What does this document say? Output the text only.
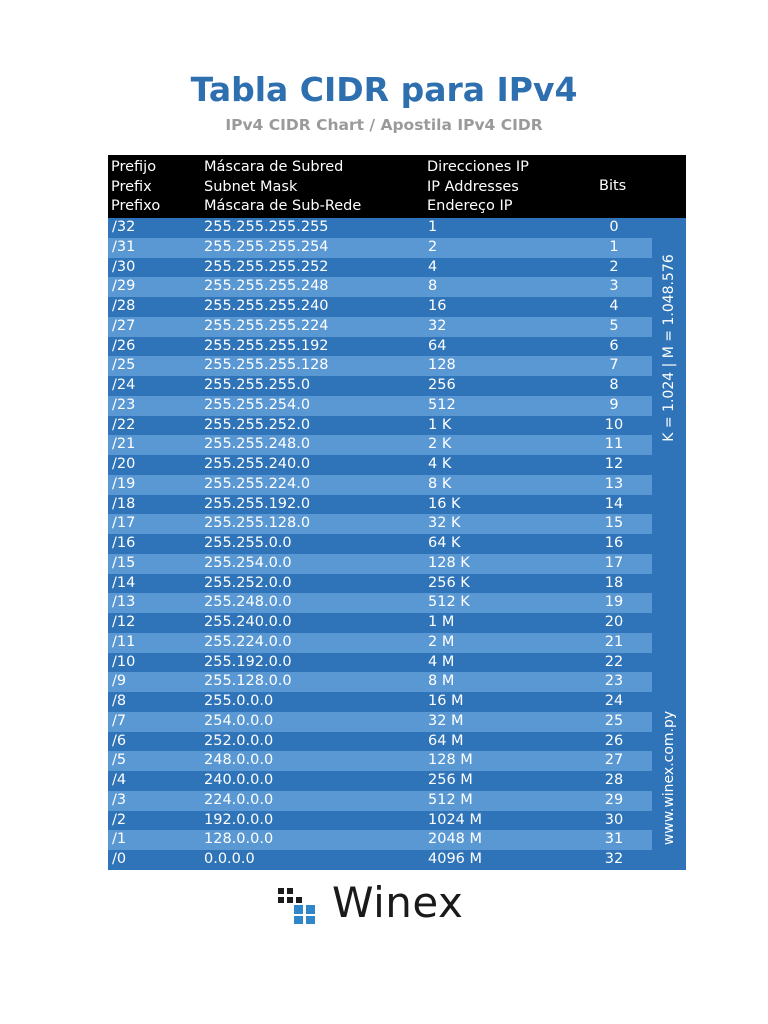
Tabla CIDR para IPv4
IPv4 CIDR Chart / Apostila IPv4 CIDR
Prefijo
Prefix
Prefixo
Máscara de Subred
Subnet Mask
Máscara de Sub-Rede
Direcciones IP
IP Addresses
Endereço IP
Bits
/32	255.255.255.255	1	0
/31	255.255.255.254	2	1
/30	255.255.255.252	4	2
/29	255.255.255.248	8	3
/28	255.255.255.240	16	4
/27	255.255.255.224	32	5
/26	255.255.255.192	64	6
/25	255.255.255.128	128	7
/24	255.255.255.0	256	8
/23	255.255.254.0	512	9
/22	255.255.252.0	1 K	10
/21	255.255.248.0	2 K	11
/20	255.255.240.0	4 K	12
/19	255.255.224.0	8 K	13
/18	255.255.192.0	16 K	14
/17	255.255.128.0	32 K	15
/16	255.255.0.0	64 K	16
/15	255.254.0.0	128 K	17
/14	255.252.0.0	256 K	18
/13	255.248.0.0	512 K	19
/12	255.240.0.0	1 M	20
/11	255.224.0.0	2 M	21
/10	255.192.0.0	4 M	22
/9	255.128.0.0	8 M	23
/8	255.0.0.0	16 M	24
/7	254.0.0.0	32 M	25
/6	252.0.0.0	64 M	26
/5	248.0.0.0	128 M	27
/4	240.0.0.0	256 M	28
/3	224.0.0.0	512 M	29
/2	192.0.0.0	1024 M	30
/1	128.0.0.0	2048 M	31
/0	0.0.0.0	4096 M	32
K = 1.024 | M = 1.048.576
www.winex.com.py
Winex
